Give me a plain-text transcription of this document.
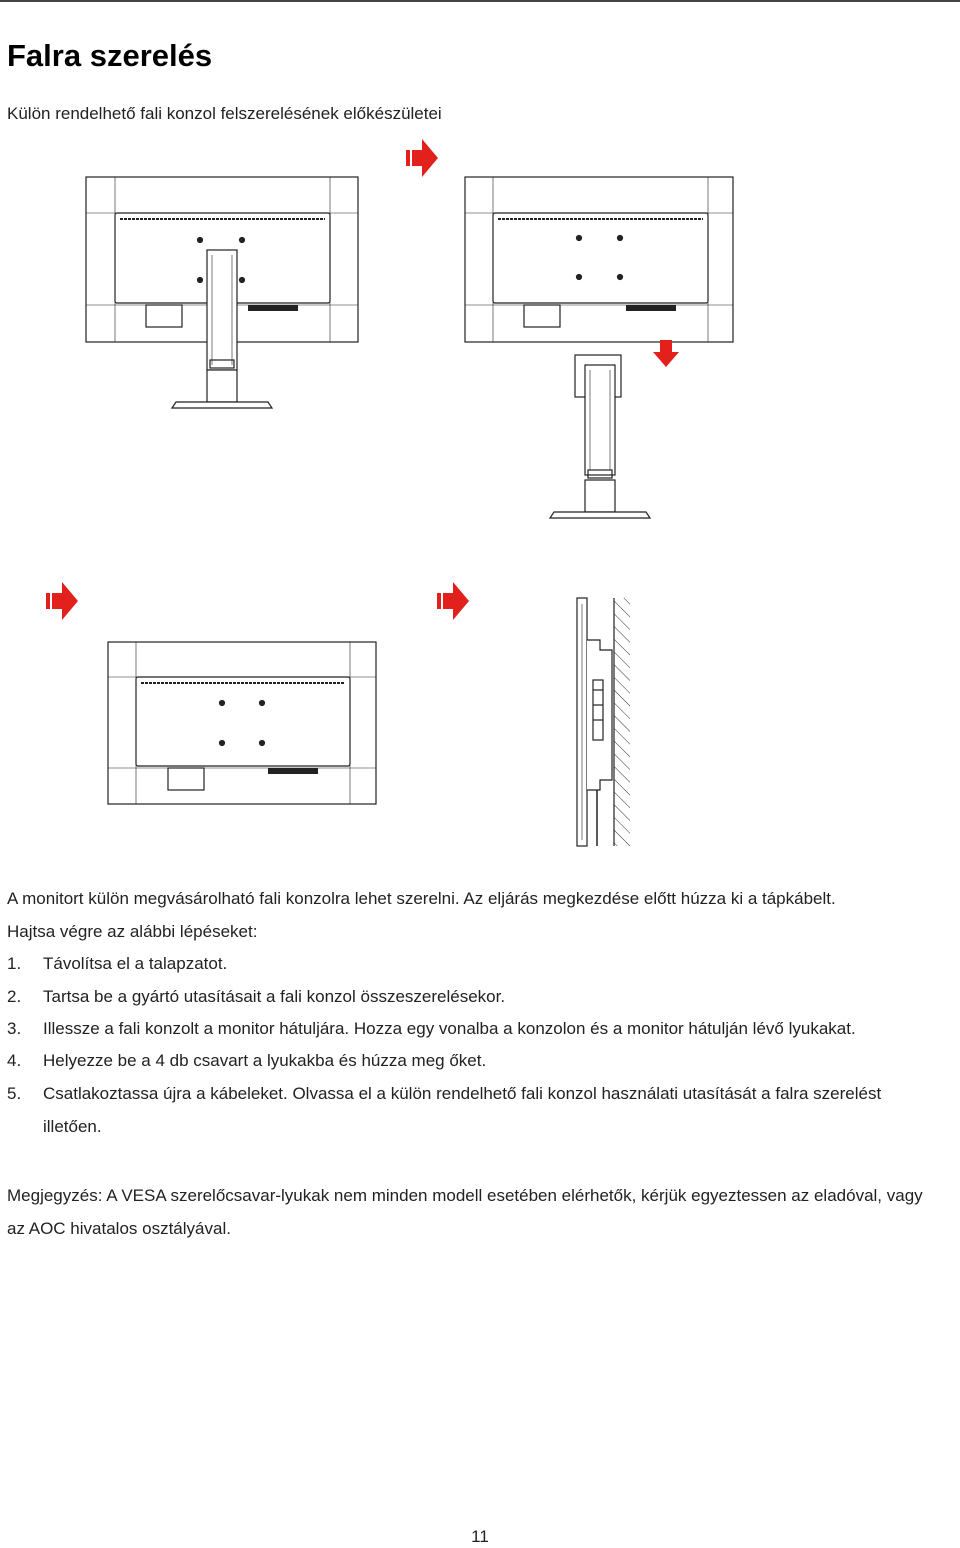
Falra szerelés

Külön rendelhető fali konzol felszerelésének előkészületei

A monitort külön megvásárolható fali konzolra lehet szerelni. Az eljárás megkezdése előtt húzza ki a tápkábelt.

Hajtsa végre az alábbi lépéseket:

1. Távolítsa el a talapzatot.
2. Tartsa be a gyártó utasításait a fali konzol összeszerelésekor.
3. Illessze a fali konzolt a monitor hátuljára. Hozza egy vonalba a konzolon és a monitor hátulján lévő lyukakat.
4. Helyezze be a 4 db csavart a lyukakba és húzza meg őket.
5. Csatlakoztassa újra a kábeleket. Olvassa el a külön rendelhető fali konzol használati utasítását a falra szerelést illetően.

Megjegyzés: A VESA szerelőcsavar-lyukak nem minden modell esetében elérhetők, kérjük egyeztessen az eladóval, vagy az AOC hivatalos osztályával.

11
